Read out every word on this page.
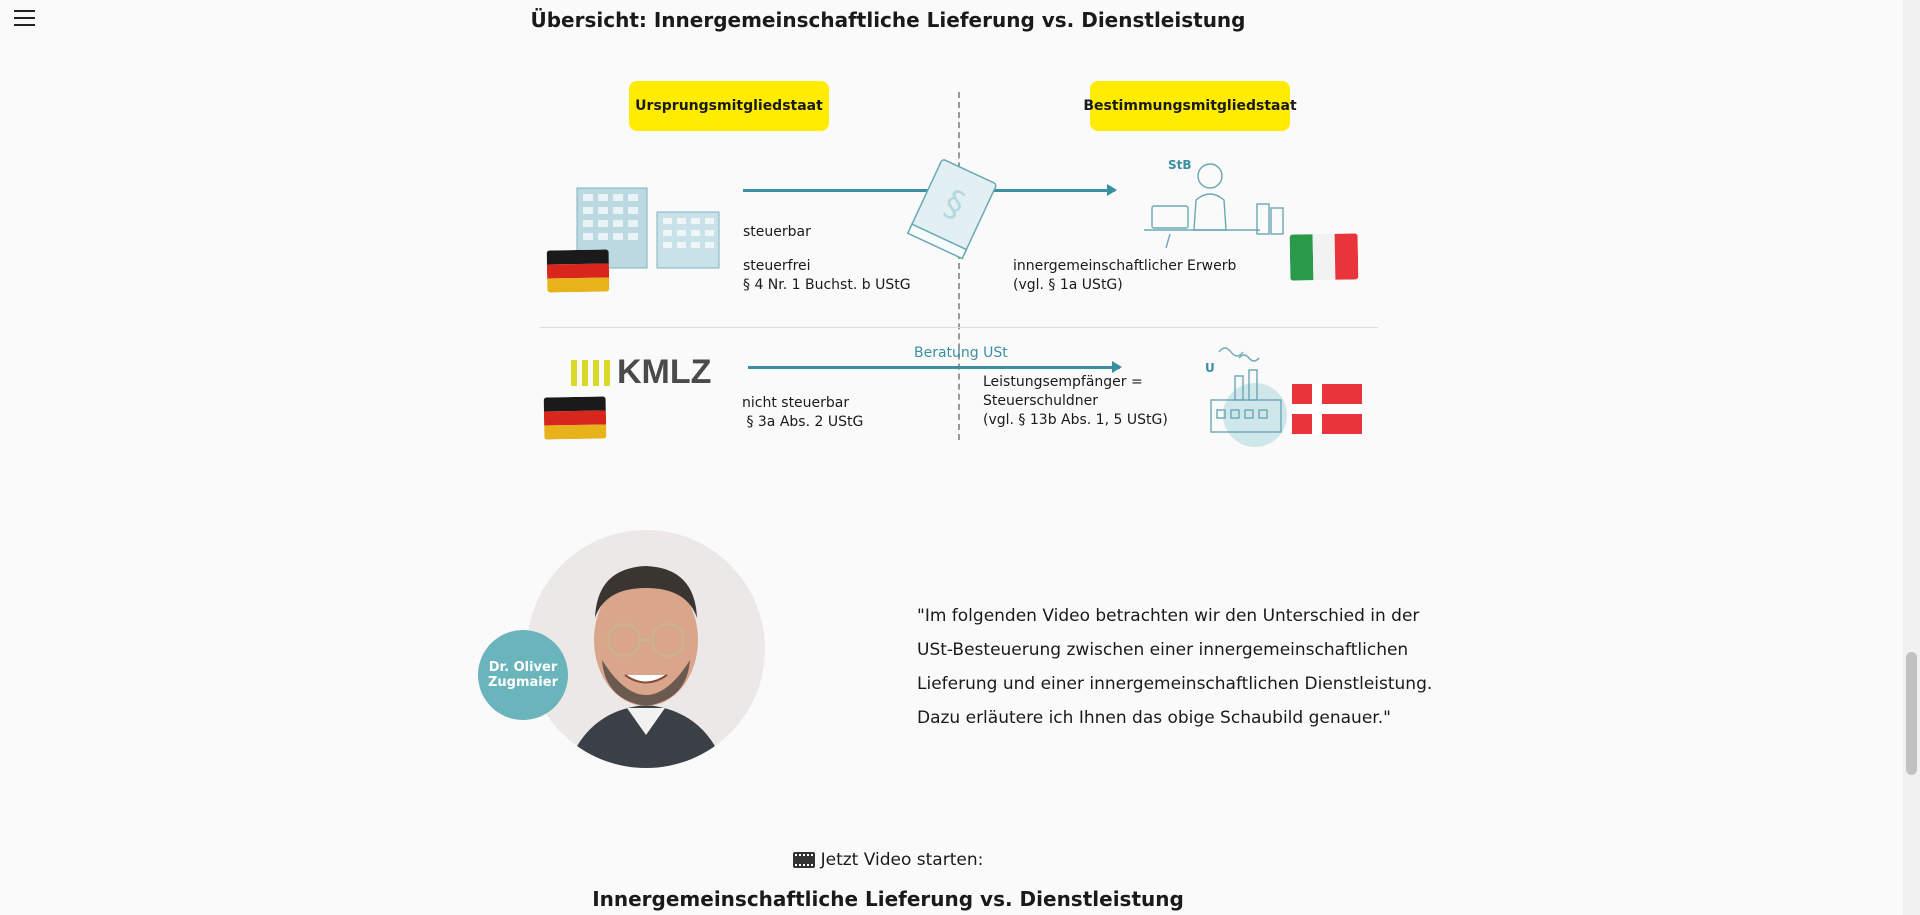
Übersicht: Innergemeinschaftliche Lieferung vs. Dienstleistung
Ursprungsmitgliedstaat	Bestimmungsmitgliedstaat
§
steuerbar
steuerfrei
§ 4 Nr. 1 Buchst. b UStG
innergemeinschaftlicher Erwerb
(vgl. § 1a UStG)
StB
KMLZ	Beratung USt
nicht steuerbar
§ 3a Abs. 2 UStG
Leistungsempfänger =
Steuerschuldner
(vgl. § 13b Abs. 1, 5 UStG)
U
Dr. Oliver
Zugmaier

"Im folgenden Video betrachten wir den Unterschied in der USt-Besteuerung zwischen einer innergemeinschaftlichen Lieferung und einer innergemeinschaftlichen Dienstleistung. Dazu erläutere ich Ihnen das obige Schaubild genauer."

Jetzt Video starten:
Innergemeinschaftliche Lieferung vs. Dienstleistung
